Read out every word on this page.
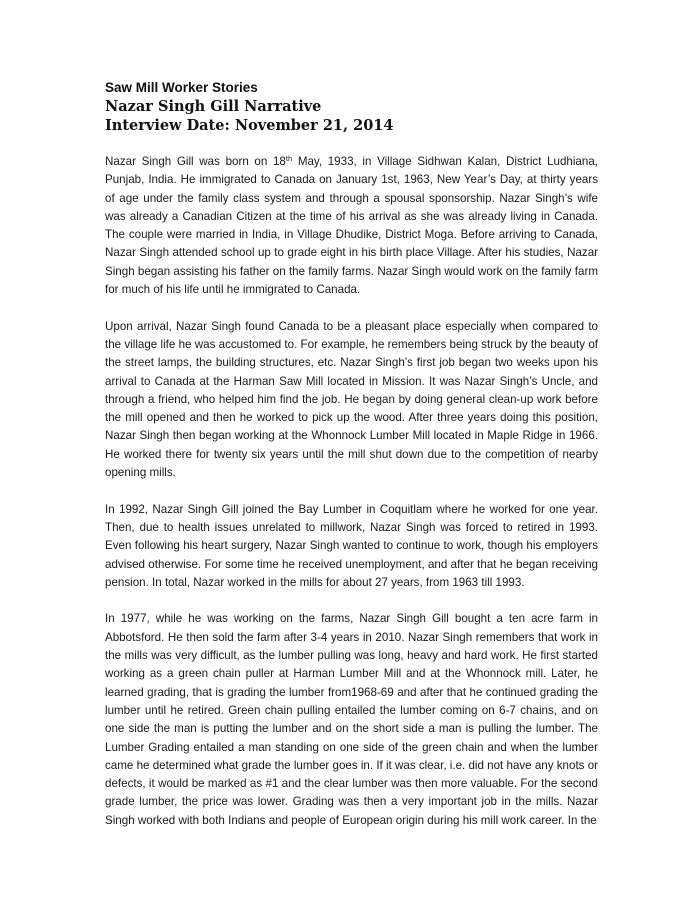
Saw Mill Worker Stories

Nazar Singh Gill Narrative

Interview Date: November 21, 2014

Nazar Singh Gill was born on 18th May, 1933, in Village Sidhwan Kalan, District Ludhiana, Punjab, India. He immigrated to Canada on January 1st, 1963, New Year’s Day, at thirty years of age under the family class system and through a spousal sponsorship. Nazar Singh’s wife was already a Canadian Citizen at the time of his arrival as she was already living in Canada. The couple were married in India, in Village Dhudike, District Moga. Before arriving to Canada, Nazar Singh attended school up to grade eight in his birth place Village. After his studies, Nazar Singh began assisting his father on the family farms. Nazar Singh would work on the family farm for much of his life until he immigrated to Canada.

Upon arrival, Nazar Singh found Canada to be a pleasant place especially when compared to the village life he was accustomed to. For example, he remembers being struck by the beauty of the street lamps, the building structures, etc. Nazar Singh’s first job began two weeks upon his arrival to Canada at the Harman Saw Mill located in Mission. It was Nazar Singh’s Uncle, and through a friend, who helped him find the job. He began by doing general clean-up work before the mill opened and then he worked to pick up the wood. After three years doing this position, Nazar Singh then began working at the Whonnock Lumber Mill located in Maple Ridge in 1966. He worked there for twenty six years until the mill shut down due to the competition of nearby opening mills.

In 1992, Nazar Singh Gill joined the Bay Lumber in Coquitlam where he worked for one year. Then, due to health issues unrelated to millwork, Nazar Singh was forced to retired in 1993. Even following his heart surgery, Nazar Singh wanted to continue to work, though his employers advised otherwise. For some time he received unemployment, and after that he began receiving pension. In total, Nazar worked in the mills for about 27 years, from 1963 till 1993.

In 1977, while he was working on the farms, Nazar Singh Gill bought a ten acre farm in Abbotsford. He then sold the farm after 3-4 years in 2010. Nazar Singh remembers that work in the mills was very difficult, as the lumber pulling was long, heavy and hard work. He first started working as a green chain puller at Harman Lumber Mill and at the Whonnock mill. Later, he learned grading, that is grading the lumber from1968-69 and after that he continued grading the lumber until he retired. Green chain pulling entailed the lumber coming on 6-7 chains, and on one side the man is putting the lumber and on the short side a man is pulling the lumber. The Lumber Grading entailed a man standing on one side of the green chain and when the lumber came he determined what grade the lumber goes in. If it was clear, i.e. did not have any knots or defects, it would be marked as #1 and the clear lumber was then more valuable. For the second grade lumber, the price was lower. Grading was then a very important job in the mills. Nazar Singh worked with both Indians and people of European origin during his mill work career. In the
